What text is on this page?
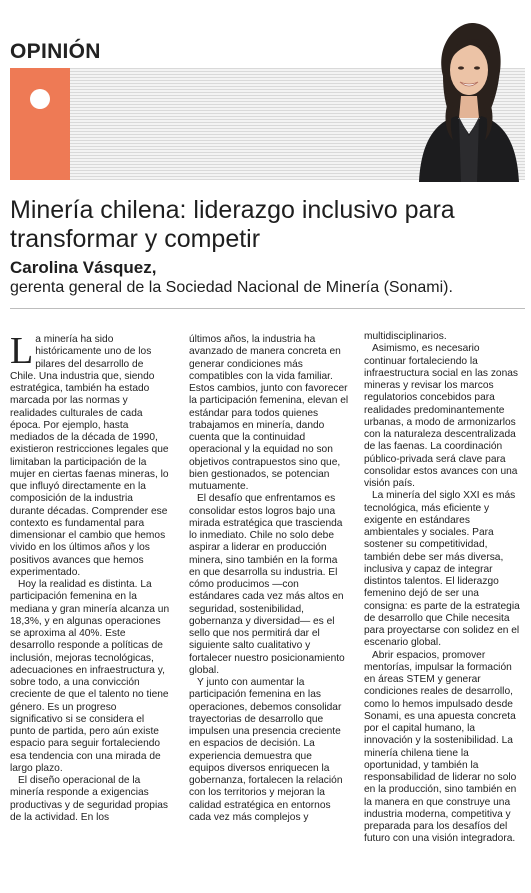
OPINIÓN
Minería chilena: liderazgo inclusivo para transformar y competir
Carolina Vásquez,
gerenta general de la Sociedad Nacional de Minería (Sonami).

La minería ha sido históricamente uno de los pilares del desarrollo de Chile. Una industria que, siendo estratégica, también ha estado marcada por las normas y realidades culturales de cada época. Por ejemplo, hasta mediados de la década de 1990, existieron restricciones legales que limitaban la participación de la mujer en ciertas faenas mineras, lo que influyó directamente en la composición de la industria durante décadas. Comprender ese contexto es fundamental para dimensionar el cambio que hemos vivido en los últimos años y los positivos avances que hemos experimentado.

Hoy la realidad es distinta. La participación femenina en la mediana y gran minería alcanza un 18,3%, y en algunas operaciones se aproxima al 40%. Este desarrollo responde a políticas de inclusión, mejoras tecnológicas, adecuaciones en infraestructura y, sobre todo, a una convicción creciente de que el talento no tiene género. Es un progreso significativo si se considera el punto de partida, pero aún existe espacio para seguir fortaleciendo esa tendencia con una mirada de largo plazo.

El diseño operacional de la minería responde a exigencias productivas y de seguridad propias de la actividad. En los

últimos años, la industria ha avanzado de manera concreta en generar condiciones más compatibles con la vida familiar. Estos cambios, junto con favorecer la participación femenina, elevan el estándar para todos quienes trabajamos en minería, dando cuenta que la continuidad operacional y la equidad no son objetivos contrapuestos sino que, bien gestionados, se potencian mutuamente.

El desafío que enfrentamos es consolidar estos logros bajo una mirada estratégica que trascienda lo inmediato. Chile no solo debe aspirar a liderar en producción minera, sino también en la forma en que desarrolla su industria. El cómo producimos —con estándares cada vez más altos en seguridad, sostenibilidad, gobernanza y diversidad— es el sello que nos permitirá dar el siguiente salto cualitativo y fortalecer nuestro posicionamiento global.

Y junto con aumentar la participación femenina en las operaciones, debemos consolidar trayectorias de desarrollo que impulsen una presencia creciente en espacios de decisión. La experiencia demuestra que equipos diversos enriquecen la gobernanza, fortalecen la relación con los territorios y mejoran la calidad estratégica en entornos cada vez más complejos y

multidisciplinarios.

Asimismo, es necesario continuar fortaleciendo la infraestructura social en las zonas mineras y revisar los marcos regulatorios concebidos para realidades predominantemente urbanas, a modo de armonizarlos con la naturaleza descentralizada de las faenas. La coordinación público-privada será clave para consolidar estos avances con una visión país.

La minería del siglo XXI es más tecnológica, más eficiente y exigente en estándares ambientales y sociales. Para sostener su competitividad, también debe ser más diversa, inclusiva y capaz de integrar distintos talentos. El liderazgo femenino dejó de ser una consigna: es parte de la estrategia de desarrollo que Chile necesita para proyectarse con solidez en el escenario global.

Abrir espacios, promover mentorías, impulsar la formación en áreas STEM y generar condiciones reales de desarrollo, como lo hemos impulsado desde Sonami, es una apuesta concreta por el capital humano, la innovación y la sostenibilidad. La minería chilena tiene la oportunidad, y también la responsabilidad de liderar no solo en la producción, sino también en la manera en que construye una industria moderna, competitiva y preparada para los desafíos del futuro con una visión integradora.
